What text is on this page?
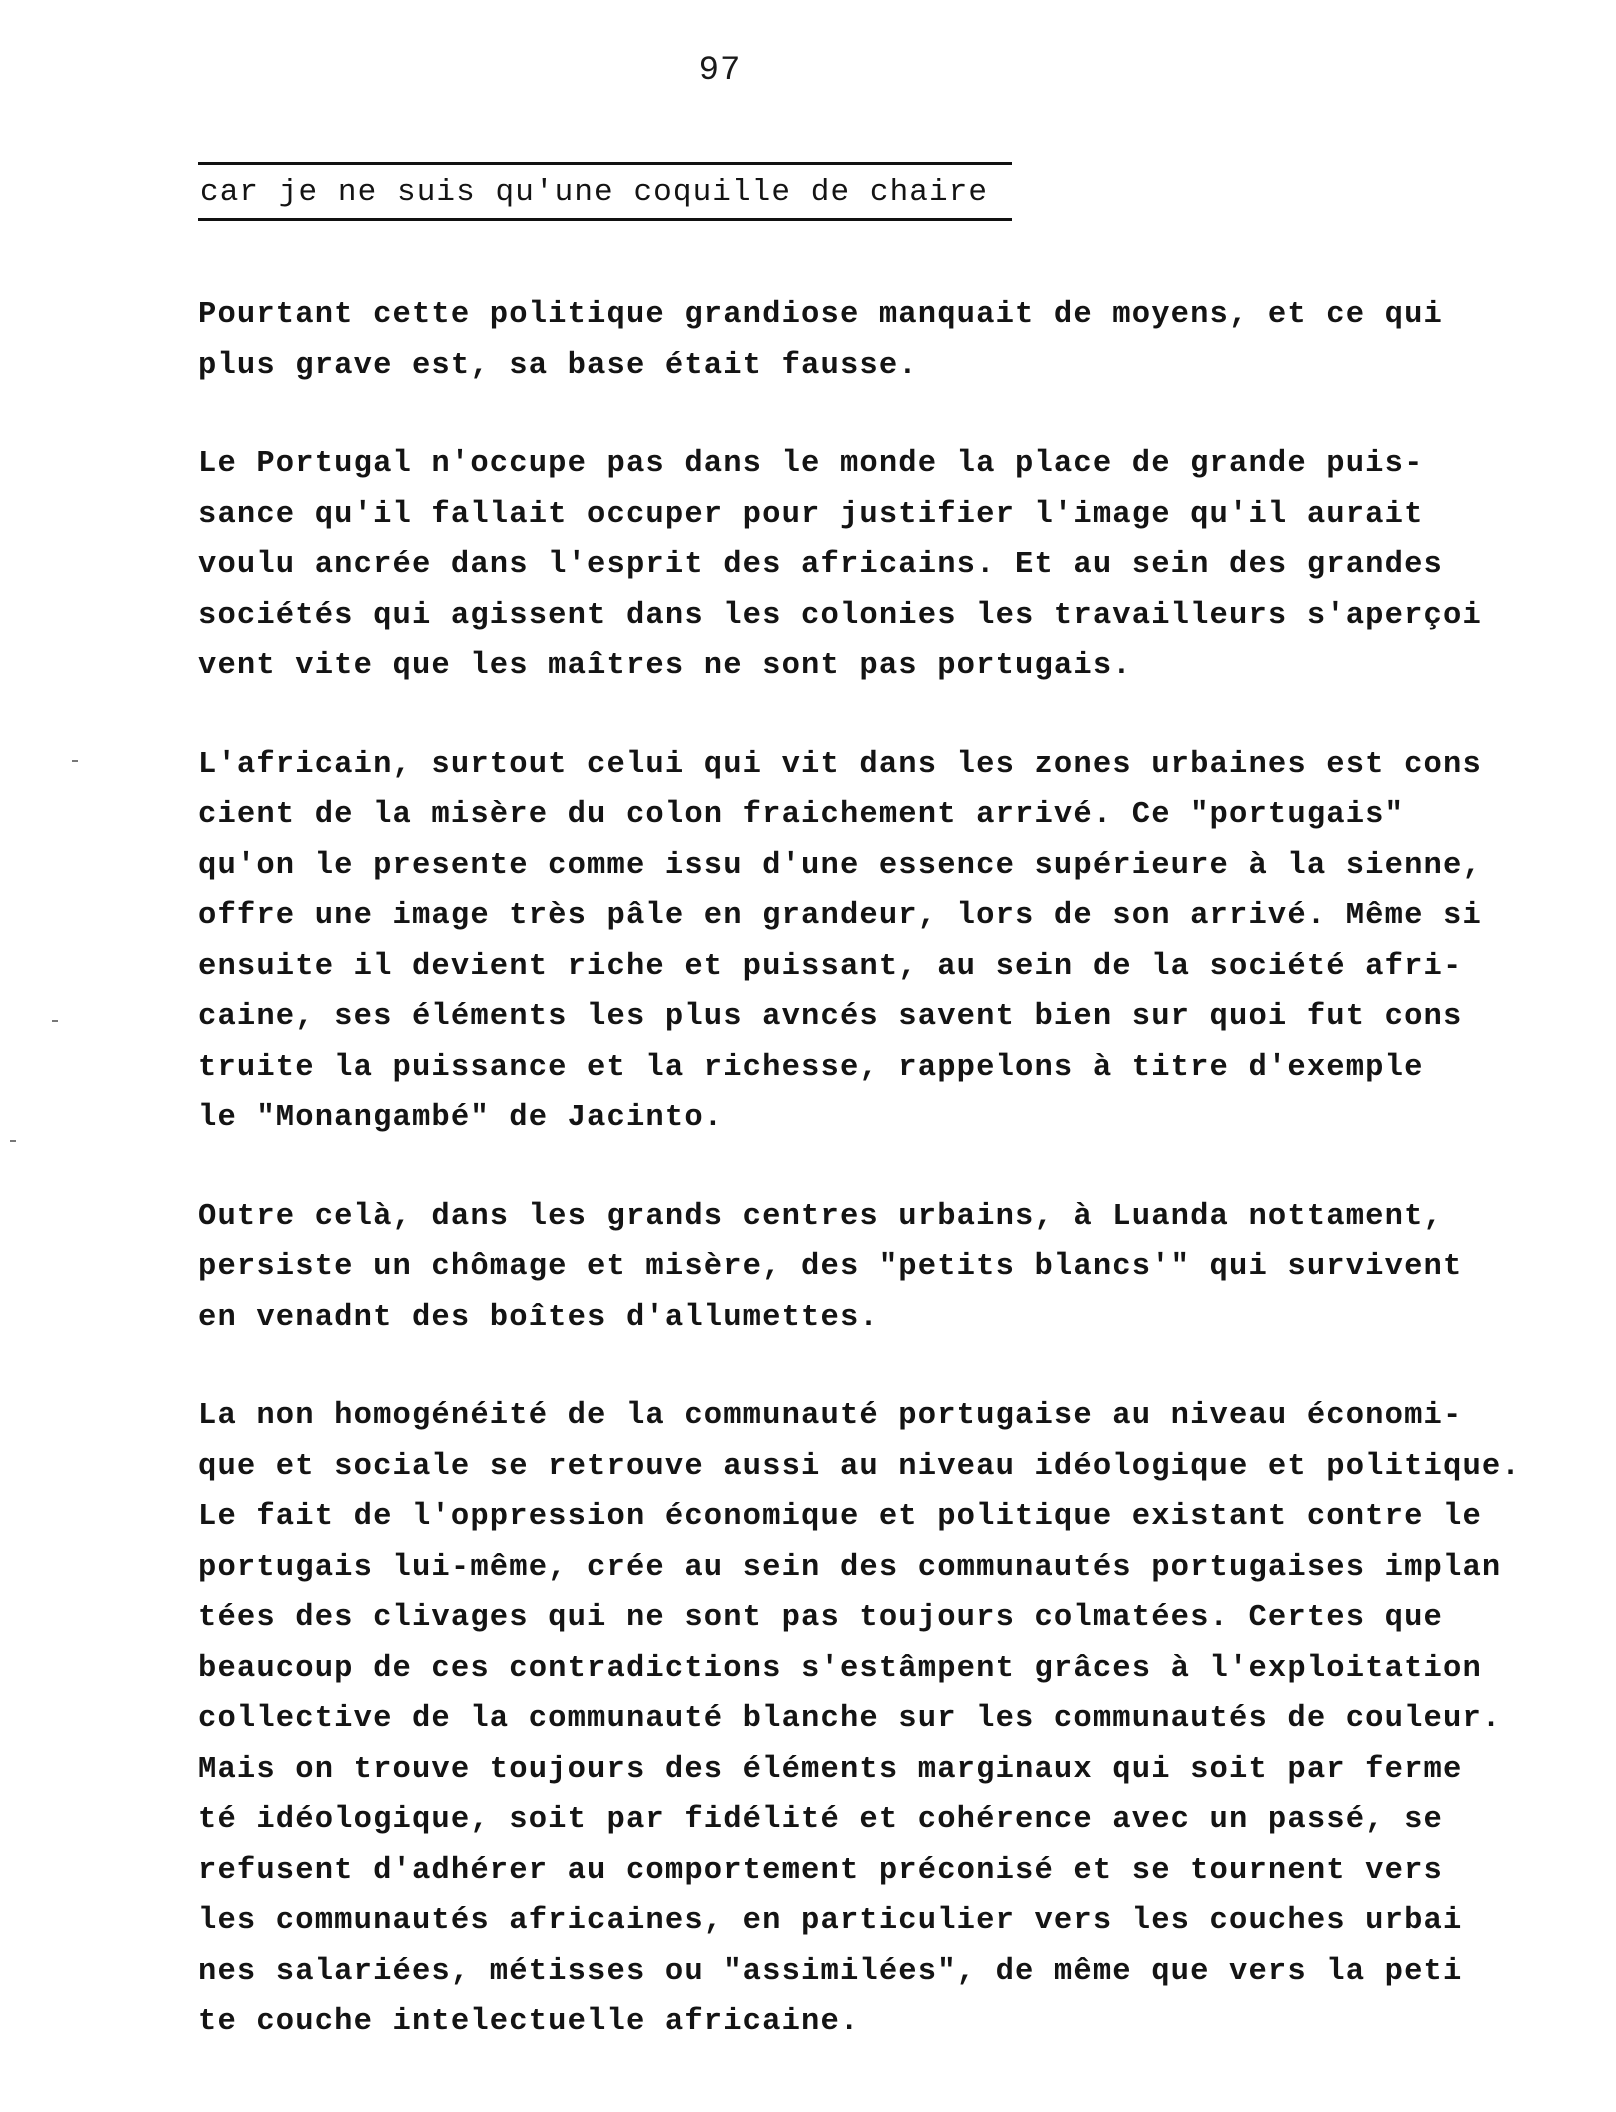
97
car je ne suis qu'une coquille de chaire
Pourtant cette politique grandiose manquait de moyens, et ce qui
plus grave est, sa base était fausse.
Le Portugal n'occupe pas dans le monde la place de grande puis-
sance qu'il fallait occuper pour justifier l'image qu'il aurait
voulu ancrée dans l'esprit des africains. Et au sein des grandes
sociétés qui agissent dans les colonies les travailleurs s'aperçoi
vent vite que les maîtres ne sont pas portugais.
L'africain, surtout celui qui vit dans les zones urbaines est cons
cient de la misère du colon fraichement arrivé. Ce "portugais"
qu'on le presente comme issu d'une essence supérieure à la sienne,
offre une image très pâle en grandeur, lors de son arrivé. Même si
ensuite il devient riche et puissant, au sein de la société afri-
caine, ses éléments les plus avncés savent bien sur quoi fut cons
truite la puissance et la richesse, rappelons à titre d'exemple
le "Monangambé" de Jacinto.
Outre celà, dans les grands centres urbains, à Luanda nottament,
persiste un chômage et misère, des "petits blancs'" qui survivent
en venadnt des boîtes d'allumettes.
La non homogénéité de la communauté portugaise au niveau économi-
que et sociale se retrouve aussi au niveau idéologique et politique.
Le fait de l'oppression économique et politique existant contre le
portugais lui-même, crée au sein des communautés portugaises implan
tées des clivages qui ne sont pas toujours colmatées. Certes que
beaucoup de ces contradictions s'estâmpent grâces à l'exploitation
collective de la communauté blanche sur les communautés de couleur.
Mais on trouve toujours des éléments marginaux qui soit par ferme
té idéologique, soit par fidélité et cohérence avec un passé, se
refusent d'adhérer au comportement préconisé et se tournent vers
les communautés africaines, en particulier vers les couches urbai
nes salariées, métisses ou "assimilées", de même que vers la peti
te couche intelectuelle africaine.
